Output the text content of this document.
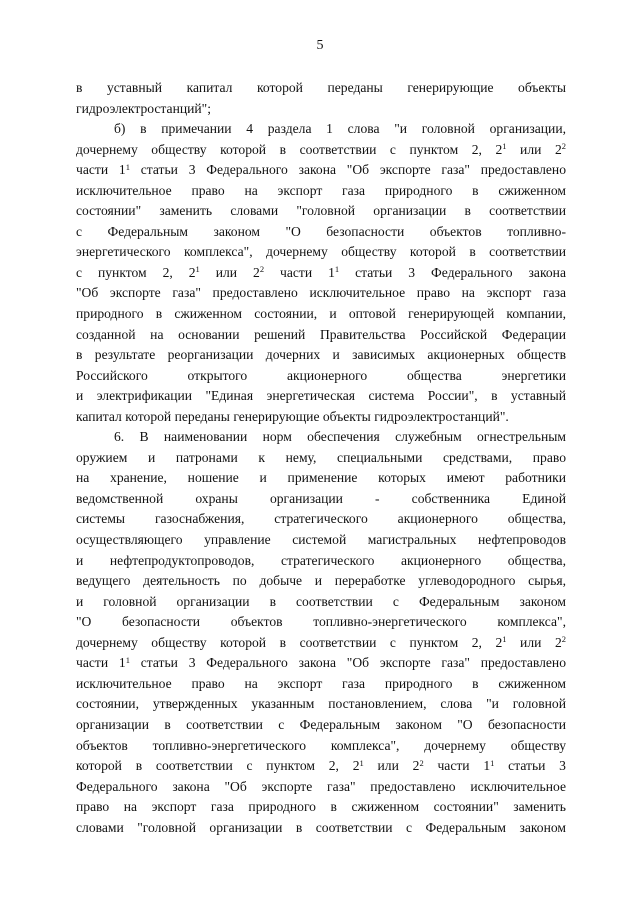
5
в уставный капитал которой переданы генерирующие объекты
гидроэлектростанций";
б) в примечании 4 раздела 1 слова "и головной организации,
дочернему обществу которой в соответствии с пунктом 2, $2^1$ или $2^2$
части $1^1$ статьи 3 Федерального закона "Об экспорте газа" предоставлено
исключительное право на экспорт газа природного в сжиженном
состоянии" заменить словами "головной организации в соответствии
с Федеральным законом "О безопасности объектов топливно-
энергетического комплекса", дочернему обществу которой в соответствии
с пунктом 2, $2^1$ или $2^2$ части $1^1$ статьи 3 Федерального закона
"Об экспорте газа" предоставлено исключительное право на экспорт газа
природного в сжиженном состоянии, и оптовой генерирующей компании,
созданной на основании решений Правительства Российской Федерации
в результате реорганизации дочерних и зависимых акционерных обществ
Российского открытого акционерного общества энергетики
и электрификации "Единая энергетическая система России", в уставный
капитал которой переданы генерирующие объекты гидроэлектростанций".
6. В наименовании норм обеспечения служебным огнестрельным
оружием и патронами к нему, специальными средствами, право
на хранение, ношение и применение которых имеют работники
ведомственной охраны организации - собственника Единой
системы газоснабжения, стратегического акционерного общества,
осуществляющего управление системой магистральных нефтепроводов
и нефтепродуктопроводов, стратегического акционерного общества,
ведущего деятельность по добыче и переработке углеводородного сырья,
и головной организации в соответствии с Федеральным законом
"О безопасности объектов топливно-энергетического комплекса",
дочернему обществу которой в соответствии с пунктом 2, $2^1$ или $2^2$
части $1^1$ статьи 3 Федерального закона "Об экспорте газа" предоставлено
исключительное право на экспорт газа природного в сжиженном
состоянии, утвержденных указанным постановлением, слова "и головной
организации в соответствии с Федеральным законом "О безопасности
объектов топливно-энергетического комплекса", дочернему обществу
которой в соответствии с пунктом 2, $2^1$ или $2^2$ части $1^1$ статьи 3
Федерального закона "Об экспорте газа" предоставлено исключительное
право на экспорт газа природного в сжиженном состоянии" заменить
словами "головной организации в соответствии с Федеральным законом
